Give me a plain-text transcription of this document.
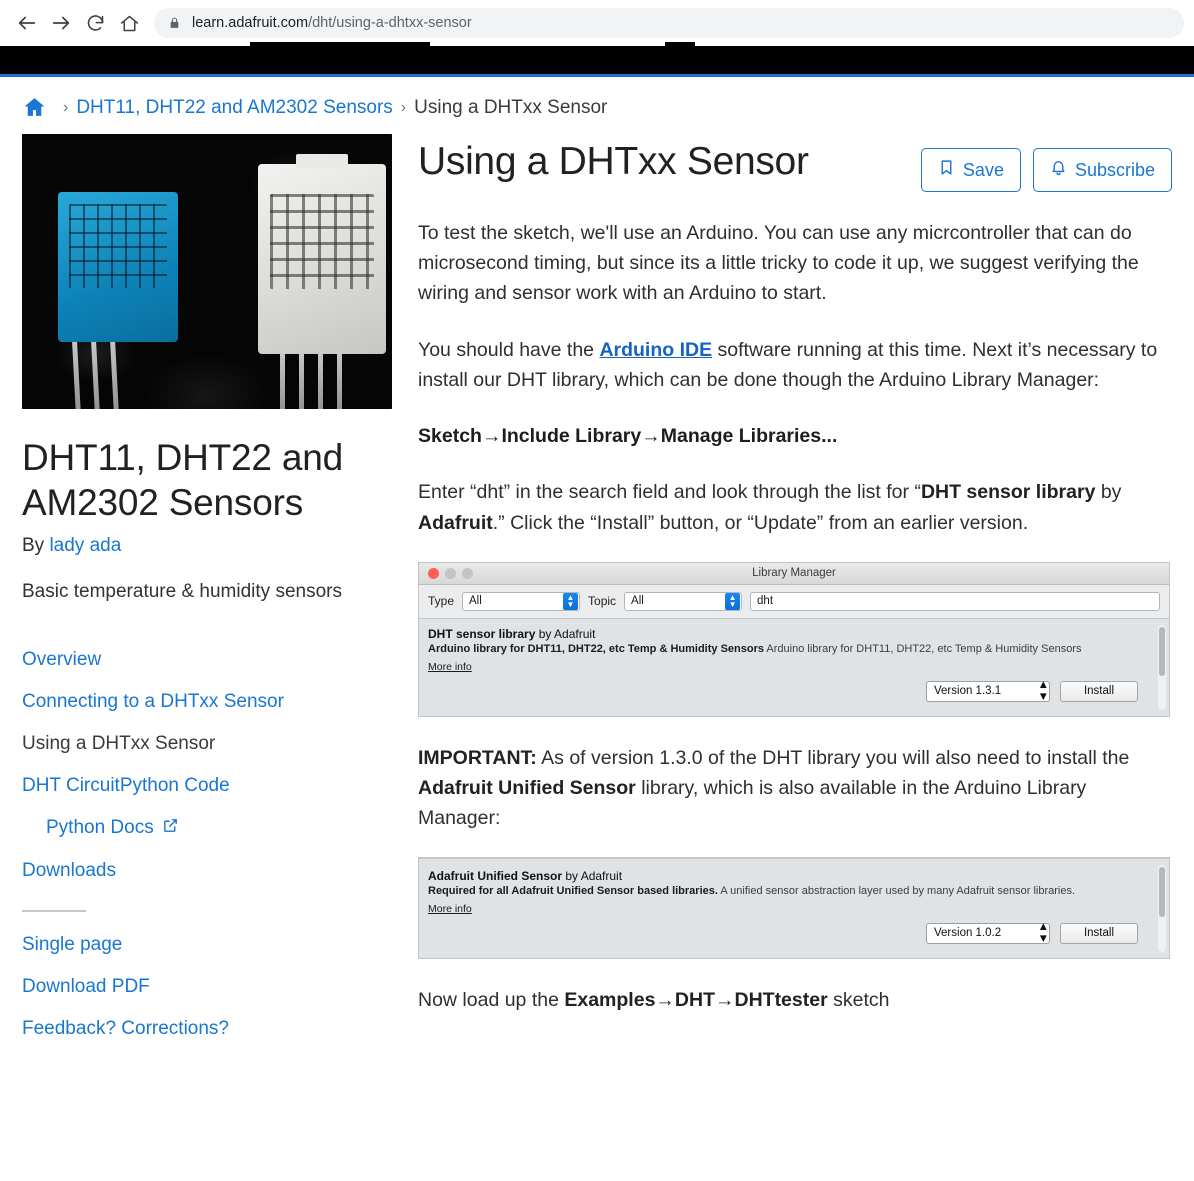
learn.adafruit.com /dht/using-a-dhtxx-sensor
› DHT11, DHT22 and AM2302 Sensors › Using a DHTxx Sensor
DHT11, DHT22 and AM2302 Sensors
By lady ada
Basic temperature & humidity sensors
Overview
Connecting to a DHTxx Sensor
Using a DHTxx Sensor
DHT CircuitPython Code
Python Docs
Downloads
Single page
Download PDF
Feedback? Corrections?
Using a DHTxx Sensor	Save	Subscribe

To test the sketch, we'll use an Arduino. You can use any micrcontroller that can do microsecond timing, but since its a little tricky to code it up, we suggest verifying the wiring and sensor work with an Arduino to start.

You should have the Arduino IDE software running at this time. Next it’s necessary to install our DHT library, which can be done though the Arduino Library Manager:

Sketch→Include Library→Manage Libraries...

Enter “dht” in the search field and look through the list for “DHT sensor library by Adafruit.” Click the “Install” button, or “Update” from an earlier version.

Library Manager
Type All	▲
▼ Topic All	▲
▼	dht
DHT sensor library by Adafruit
Arduino library for DHT11, DHT22, etc Temp & Humidity Sensors Arduino library for DHT11, DHT22, etc Temp & Humidity Sensors
More info
Version 1.3.1	▲
▼	Install

IMPORTANT: As of version 1.3.0 of the DHT library you will also need to install the Adafruit Unified Sensor library, which is also available in the Arduino Library Manager:

Adafruit Unified Sensor by Adafruit
Required for all Adafruit Unified Sensor based libraries. A unified sensor abstraction layer used by many Adafruit sensor libraries.
More info
Version 1.0.2	▲
▼	Install

Now load up the Examples→DHT→DHTtester sketch
